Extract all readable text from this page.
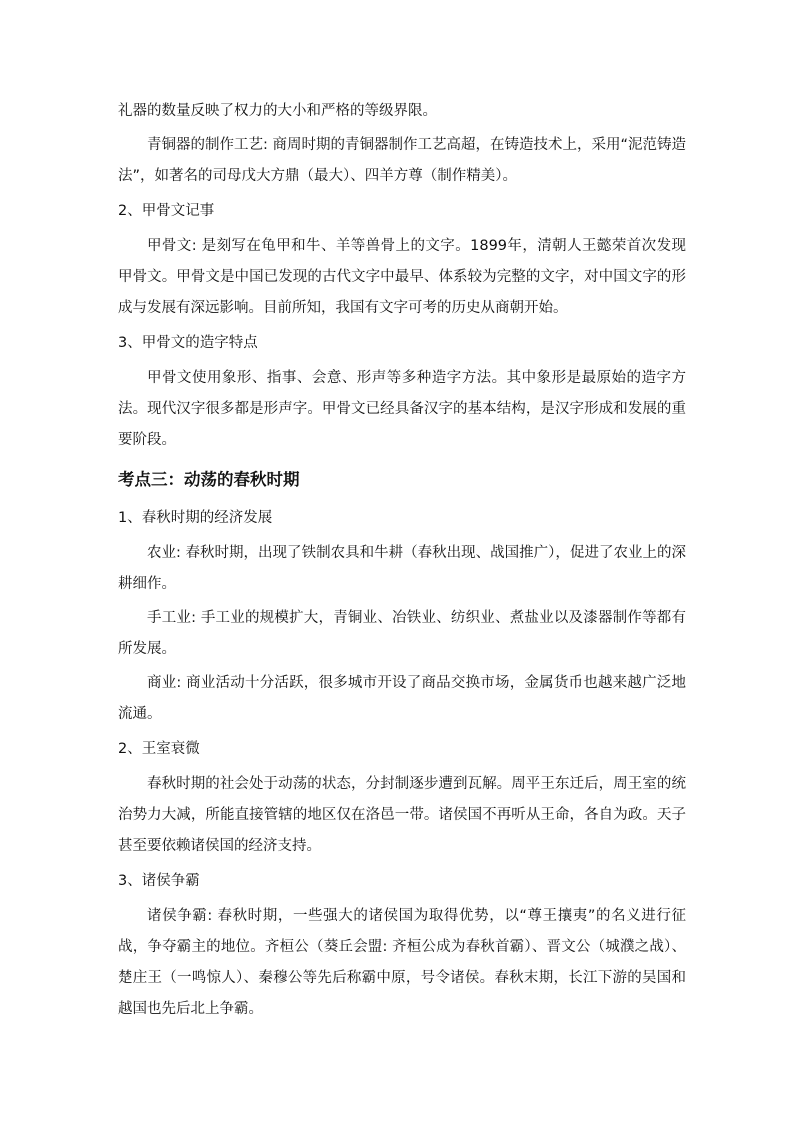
礼器的数量反映了权力的大小和严格的等级界限。

青铜器的制作工艺: 商周时期的青铜器制作工艺高超，在铸造技术上，采用“泥范铸造法”，如著名的司母戊大方鼎（最大）、四羊方尊（制作精美）。

2、甲骨文记事

甲骨文: 是刻写在龟甲和牛、羊等兽骨上的文字。1899年，清朝人王懿荣首次发现甲骨文。甲骨文是中国已发现的古代文字中最早、体系较为完整的文字，对中国文字的形成与发展有深远影响。目前所知，我国有文字可考的历史从商朝开始。

3、甲骨文的造字特点

甲骨文使用象形、指事、会意、形声等多种造字方法。其中象形是最原始的造字方法。现代汉字很多都是形声字。甲骨文已经具备汉字的基本结构，是汉字形成和发展的重要阶段。

考点三：动荡的春秋时期

1、春秋时期的经济发展

农业: 春秋时期，出现了铁制农具和牛耕（春秋出现、战国推广），促进了农业上的深耕细作。

手工业: 手工业的规模扩大，青铜业、冶铁业、纺织业、煮盐业以及漆器制作等都有所发展。

商业: 商业活动十分活跃，很多城市开设了商品交换市场，金属货币也越来越广泛地流通。

2、王室衰微

春秋时期的社会处于动荡的状态，分封制逐步遭到瓦解。周平王东迁后，周王室的统治势力大减，所能直接管辖的地区仅在洛邑一带。诸侯国不再听从王命，各自为政。天子甚至要依赖诸侯国的经济支持。

3、诸侯争霸

诸侯争霸: 春秋时期，一些强大的诸侯国为取得优势，以“尊王攘夷”的名义进行征战，争夺霸主的地位。齐桓公（葵丘会盟: 齐桓公成为春秋首霸）、晋文公（城濮之战）、楚庄王（一鸣惊人）、秦穆公等先后称霸中原，号令诸侯。春秋末期，长江下游的吴国和越国也先后北上争霸。
